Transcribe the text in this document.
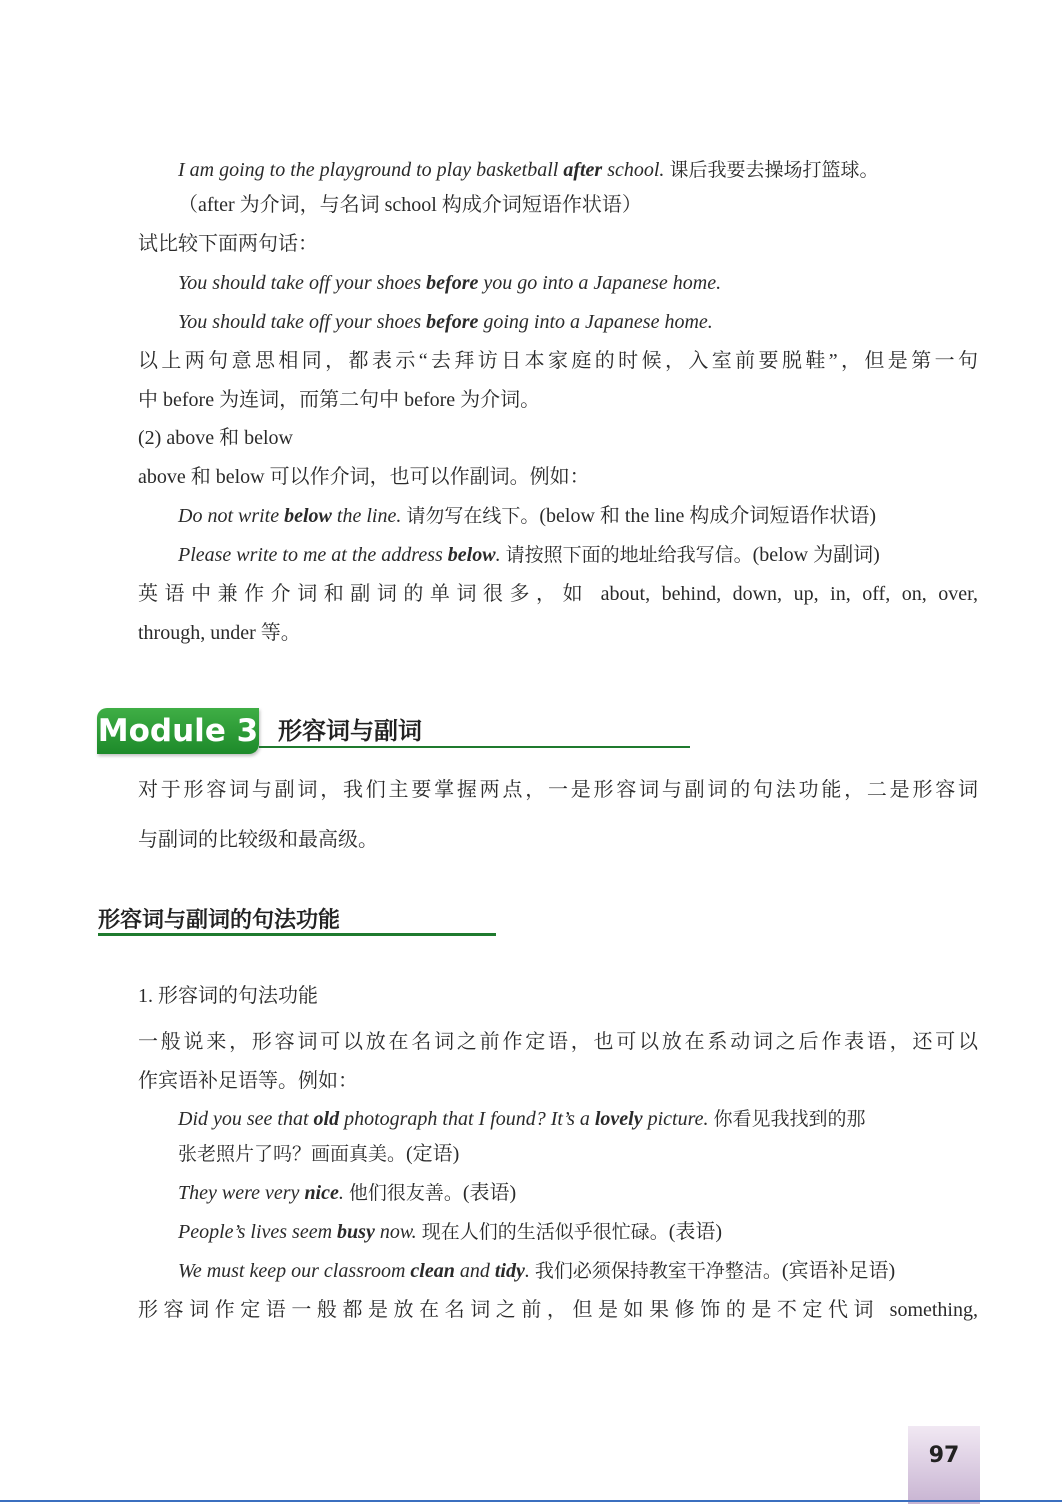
I am going to the playground to play basketball after school. 课后我要去操场打篮球。
（after 为介词，与名词 school 构成介词短语作状语）
试比较下面两句话：
You should take off your shoes before you go into a Japanese home.
You should take off your shoes before going into a Japanese home.
以上两句意思相同，都表示“去拜访日本家庭的时候，入室前要脱鞋”，但是第一句
中 before 为连词，而第二句中 before 为介词。
(2) above 和 below
above 和 below 可以作介词，也可以作副词。例如：
Do not write below the line. 请勿写在线下。(below 和 the line 构成介词短语作状语)
Please write to me at the address below. 请按照下面的地址给我写信。(below 为副词)
英语中兼作介词和副词的单词很多，如 about, behind, down, up, in, off, on, over,
through, under 等。
Module 3 形容词与副词
对于形容词与副词，我们主要掌握两点，一是形容词与副词的句法功能，二是形容词
与副词的比较级和最高级。
形容词与副词的句法功能
1. 形容词的句法功能
一般说来，形容词可以放在名词之前作定语，也可以放在系动词之后作表语，还可以
作宾语补足语等。例如：
Did you see that old photograph that I found? It’s a lovely picture. 你看见我找到的那
张老照片了吗？画面真美。(定语)
They were very nice. 他们很友善。(表语)
People’s lives seem busy now. 现在人们的生活似乎很忙碌。(表语)
We must keep our classroom clean and tidy. 我们必须保持教室干净整洁。(宾语补足语)
形容词作定语一般都是放在名词之前，但是如果修饰的是不定代词 something,
97
